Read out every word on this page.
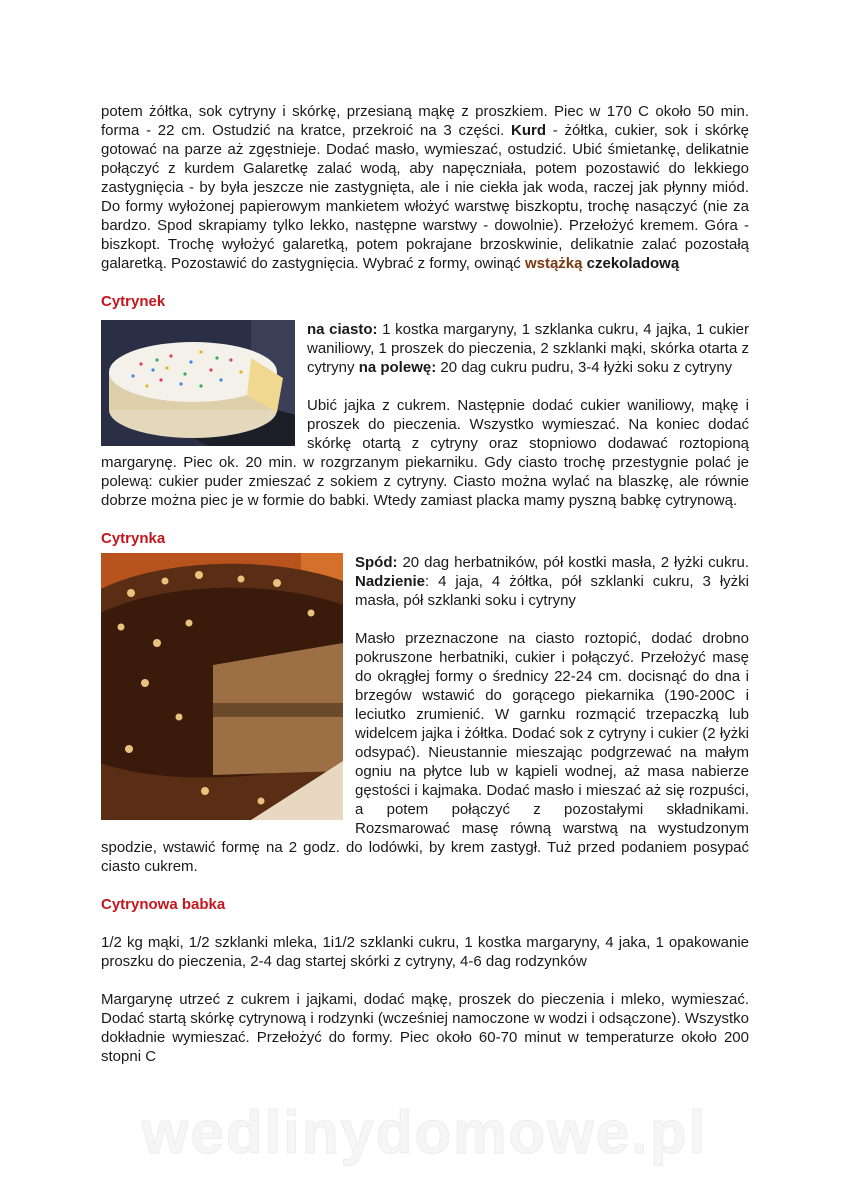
potem żółtka, sok cytryny i skórkę, przesianą mąkę z proszkiem. Piec w 170 C około 50 min. forma - 22 cm. Ostudzić na kratce, przekroić na 3 części. Kurd - żółtka, cukier, sok i skórkę gotować na parze aż zgęstnieje. Dodać masło, wymieszać, ostudzić. Ubić śmietankę, delikatnie połączyć z kurdem Galaretkę zalać wodą, aby napęczniała, potem pozostawić do lekkiego zastygnięcia - by była jeszcze nie zastygnięta, ale i nie ciekła jak woda, raczej jak płynny miód. Do formy wyłożonej papierowym mankietem włożyć warstwę biszkoptu, trochę nasączyć (nie za bardzo. Spod skrapiamy tylko lekko, następne warstwy - dowolnie). Przełożyć kremem. Góra - biszkopt. Trochę wyłożyć galaretką, potem pokrajane brzoskwinie, delikatnie zalać pozostałą galaretką. Pozostawić do zastygnięcia. Wybrać z formy, owinąć wstążką czekoladową

Cytrynek

na ciasto: 1 kostka margaryny, 1 szklanka cukru, 4 jajka, 1 cukier waniliowy, 1 proszek do pieczenia, 2 szklanki mąki, skórka otarta z cytryny na polewę: 20 dag cukru pudru, 3-4 łyżki soku z cytryny

Ubić jajka z cukrem. Następnie dodać cukier waniliowy, mąkę i proszek do pieczenia. Wszystko wymieszać. Na koniec dodać skórkę otartą z cytryny oraz stopniowo dodawać roztopioną margarynę. Piec ok. 20 min. w rozgrzanym piekarniku. Gdy ciasto trochę przestygnie polać je polewą: cukier puder zmieszać z sokiem z cytryny. Ciasto można wylać na blaszkę, ale równie dobrze można piec je w formie do babki. Wtedy zamiast placka mamy pyszną babkę cytrynową.

Cytrynka

Spód: 20 dag herbatników, pół kostki masła, 2 łyżki cukru. Nadzienie: 4 jaja, 4 żółtka, pół szklanki cukru, 3 łyżki masła, pół szklanki soku i cytryny

Masło przeznaczone na ciasto roztopić, dodać drobno pokruszone herbatniki, cukier i połączyć. Przełożyć masę do okrągłej formy o średnicy 22-24 cm. docisnąć do dna i brzegów wstawić do gorącego piekarnika (190-200C i leciutko zrumienić. W garnku rozmącić trzepaczką lub widelcem jajka i żółtka. Dodać sok z cytryny i cukier (2 łyżki odsypać). Nieustannie mieszając podgrzewać na małym ogniu na płytce lub w kąpieli wodnej, aż masa nabierze gęstości i kajmaka. Dodać masło i mieszać aż się rozpuści, a potem połączyć z pozostałymi składnikami. Rozsmarować masę równą warstwą na wystudzonym spodzie, wstawić formę na 2 godz. do lodówki, by krem zastygł. Tuż przed podaniem posypać ciasto cukrem.

Cytrynowa babka

1/2 kg mąki, 1/2 szklanki mleka, 1i1/2 szklanki cukru, 1 kostka margaryny, 4 jaka, 1 opakowanie proszku do pieczenia, 2-4 dag startej skórki z cytryny, 4-6 dag rodzynków

Margarynę utrzeć z cukrem i jajkami, dodać mąkę, proszek do pieczenia i mleko, wymieszać. Dodać startą skórkę cytrynową i rodzynki (wcześniej namoczone w wodzi i odsączone). Wszystko dokładnie wymieszać. Przełożyć do formy. Piec około 60-70 minut w temperaturze około 200 stopni C

wedlinydomowe.pl
